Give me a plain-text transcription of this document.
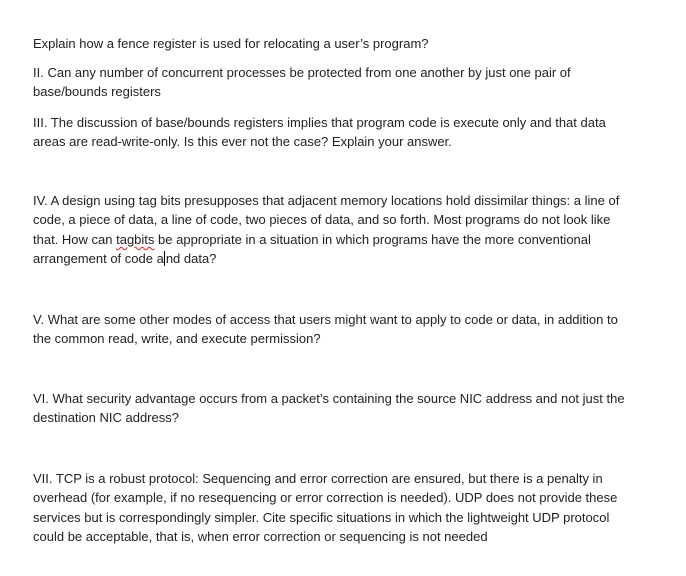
Explain how a fence register is used for relocating a user’s program?

II. Can any number of concurrent processes be protected from one another by just one pair of base/bounds registers

III. The discussion of base/bounds registers implies that program code is execute only and that data areas are read-write-only. Is this ever not the case? Explain your answer.

IV. A design using tag bits presupposes that adjacent memory locations hold dissimilar things: a line of code, a piece of data, a line of code, two pieces of data, and so forth. Most programs do not look like that. How can tagbits be appropriate in a situation in which programs have the more conventional arrangement of code a nd data?

V. What are some other modes of access that users might want to apply to code or data, in addition to the common read, write, and execute permission?

VI. What security advantage occurs from a packet’s containing the source NIC address and not just the destination NIC address?

VII. TCP is a robust protocol: Sequencing and error correction are ensured, but there is a penalty in overhead (for example, if no resequencing or error correction is needed). UDP does not provide these services but is correspondingly simpler. Cite specific situations in which the lightweight UDP protocol could be acceptable, that is, when error correction or sequencing is not needed
